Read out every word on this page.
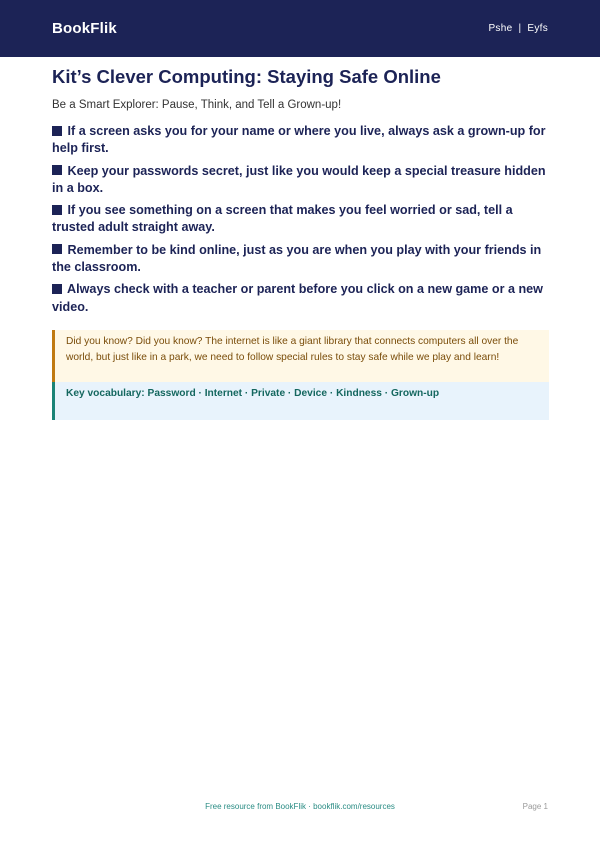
BookFlik	Pshe | Eyfs
Kit’s Clever Computing: Staying Safe Online
Be a Smart Explorer: Pause, Think, and Tell a Grown-up!
If a screen asks you for your name or where you live, always ask a grown-up for help first.
Keep your passwords secret, just like you would keep a special treasure hidden in a box.
If you see something on a screen that makes you feel worried or sad, tell a trusted adult straight away.
Remember to be kind online, just as you are when you play with your friends in the classroom.
Always check with a teacher or parent before you click on a new game or a new video.
Did you know? Did you know? The internet is like a giant library that connects computers all over the world, but just like in a park, we need to follow special rules to stay safe while we play and learn!
Key vocabulary: Password · Internet · Private · Device · Kindness · Grown-up
Free resource from BookFlik · bookflik.com/resources	Page 1
